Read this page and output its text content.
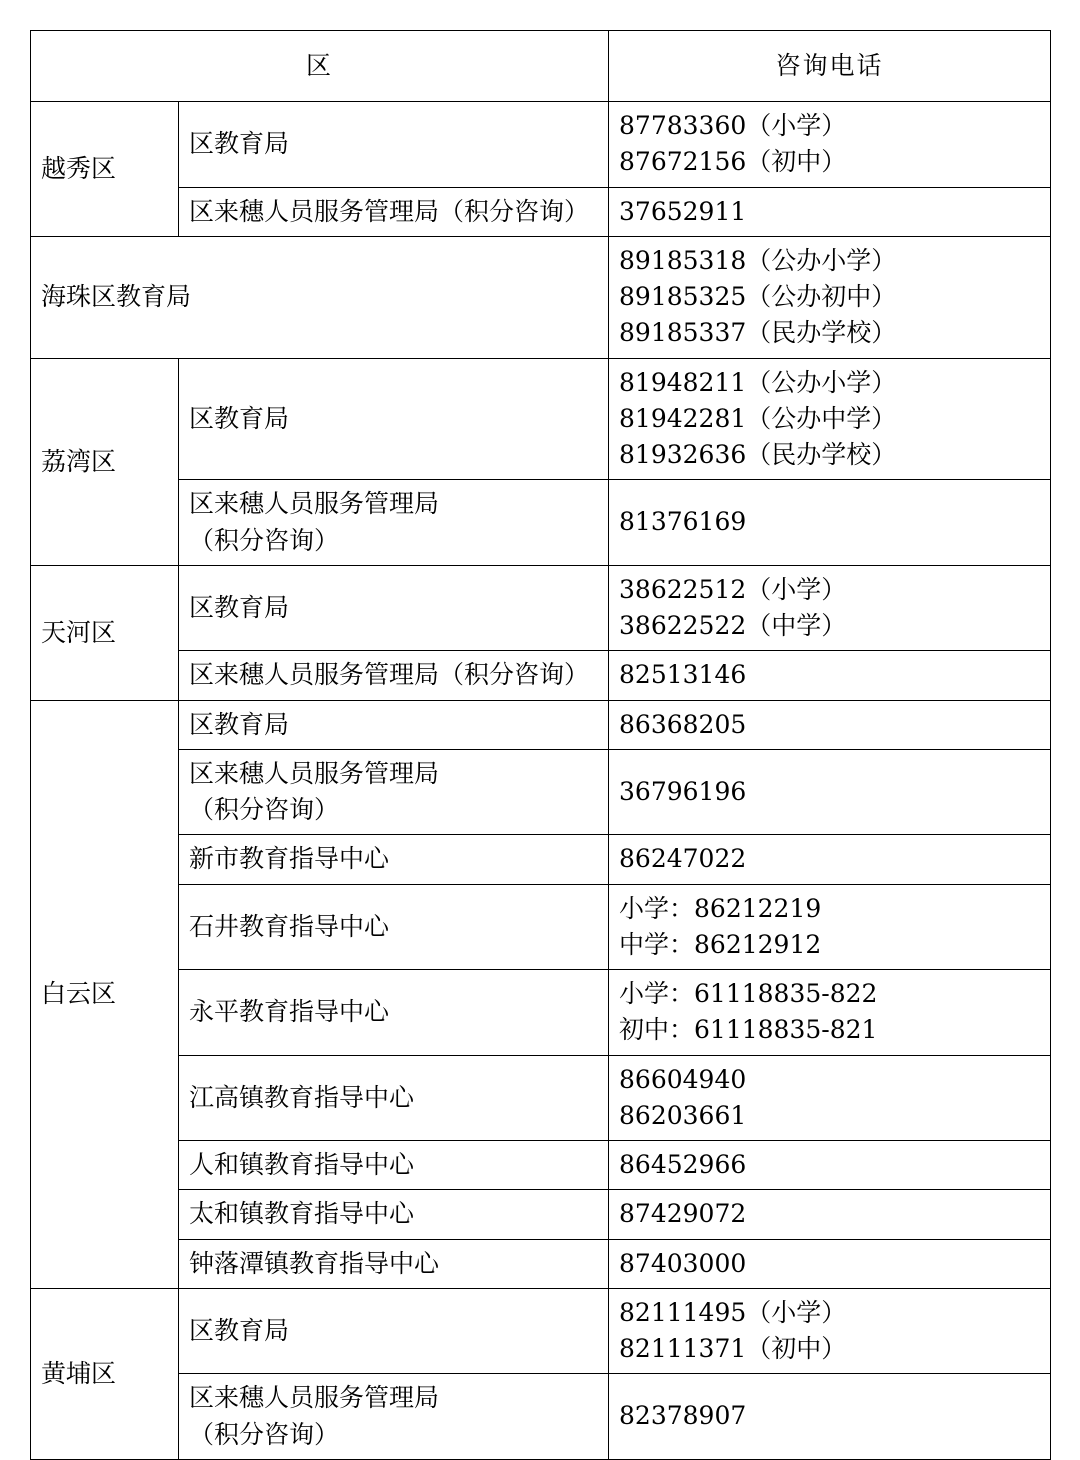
区		咨询电话
越秀区	区教育局	87783360（小学）
87672156（初中）

	区来穗人员服务管理局（积分咨询）	37652911

海珠区教育局		89185318（公办小学）
89185325（公办初中）
89185337（民办学校）

荔湾区	区教育局	81948211（公办小学）
81942281（公办中学）
81932636（民办学校）

	区来穗人员服务管理局
（积分咨询）	81376169

天河区	区教育局	38622512（小学）
38622522（中学）

	区来穗人员服务管理局（积分咨询）	82513146

白云区	区教育局	86368205

	区来穗人员服务管理局
（积分咨询）	36796196

	新市教育指导中心	86247022

	石井教育指导中心	小学：86212219
中学：86212912

	永平教育指导中心	小学：61118835-822
初中：61118835-821

	江高镇教育指导中心	86604940
86203661

	人和镇教育指导中心	86452966

	太和镇教育指导中心	87429072

	钟落潭镇教育指导中心	87403000

黄埔区	区教育局	82111495（小学）
82111371（初中）

	区来穗人员服务管理局
（积分咨询）	82378907
